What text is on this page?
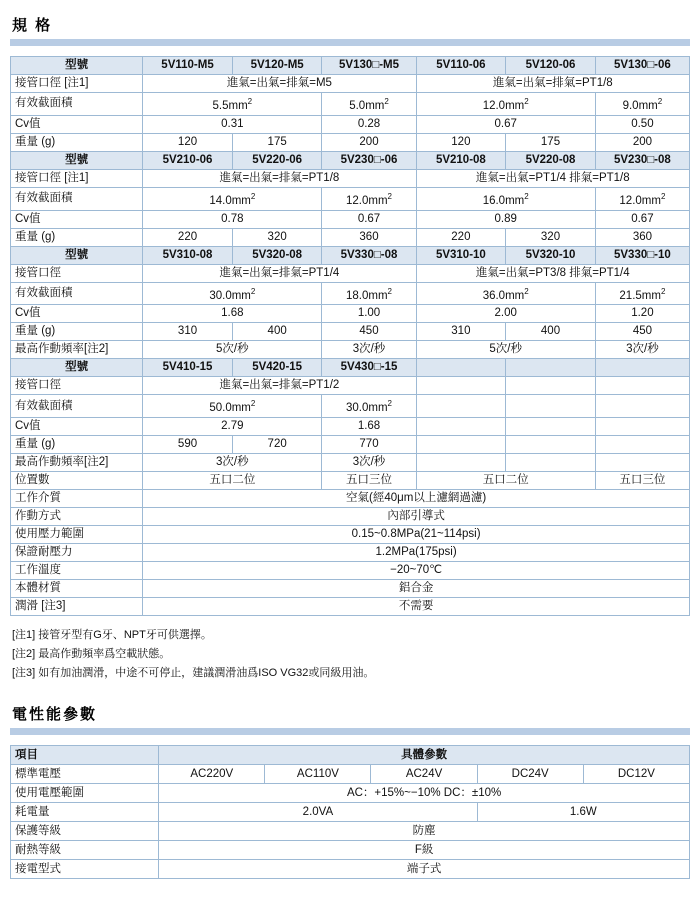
規 格
型號	5V110-M5	5V120-M5	5V130□-M5	5V110-06	5V120-06	5V130□-06
接管口徑 [注1]	進氣=出氣=排氣=M5			進氣=出氣=排氣=PT1/8		
有效截面積	$5.5mm^2$		$5.0mm^2$	$12.0mm^2$		$9.0mm^2$
Cv值	0.31		0.28	0.67		0.50
重量 (g)	120	175	200	120	175	200
型號	5V210-06	5V220-06	5V230□-06	5V210-08	5V220-08	5V230□-08
接管口徑 [注1]	進氣=出氣=排氣=PT1/8			進氣=出氣=PT1/4 排氣=PT1/8		
有效截面積	$14.0mm^2$		$12.0mm^2$	$16.0mm^2$		$12.0mm^2$
Cv值	0.78		0.67	0.89		0.67
重量 (g)	220	320	360	220	320	360
型號	5V310-08	5V320-08	5V330□-08	5V310-10	5V320-10	5V330□-10
接管口徑	進氣=出氣=排氣=PT1/4			進氣=出氣=PT3/8 排氣=PT1/4		
有效截面積	$30.0mm^2$		$18.0mm^2$	$36.0mm^2$		$21.5mm^2$
Cv值	1.68		1.00	2.00		1.20
重量 (g)	310	400	450	310	400	450
最高作動頻率[注2]	5次/秒		3次/秒	5次/秒		3次/秒
型號	5V410-15	5V420-15	5V430□-15			
接管口徑	進氣=出氣=排氣=PT1/2					
有效截面積	$50.0mm^2$		$30.0mm^2$			
Cv值	2.79		1.68			
重量 (g)	590	720	770			
最高作動頻率[注2]	3次/秒		3次/秒			
位置數	五口二位		五口三位	五口二位		五口三位
工作介質	空氣(經40μm以上濾網過濾)					
作動方式	內部引導式					
使用壓力範圍	0.15~0.8MPa(21~114psi)					
保證耐壓力	1.2MPa(175psi)					
工作溫度	−20~70℃					
本體材質	鋁合金					
潤滑 [注3]	不需要					
[注1] 接管牙型有G牙、NPT牙可供選擇。
[注2] 最高作動頻率爲空載狀態。
[注3] 如有加油潤滑，中途不可停止，建議潤滑油爲ISO VG32或同級用油。
電性能參數
項目	具體參數				
標準電壓	AC220V	AC110V	AC24V	DC24V	DC12V
使用電壓範圍	AC：+15%~−10% DC：±10%				
耗電量	2.0VA			1.6W	
保護等級	防塵				
耐熱等級	F級				
接電型式	端子式				
